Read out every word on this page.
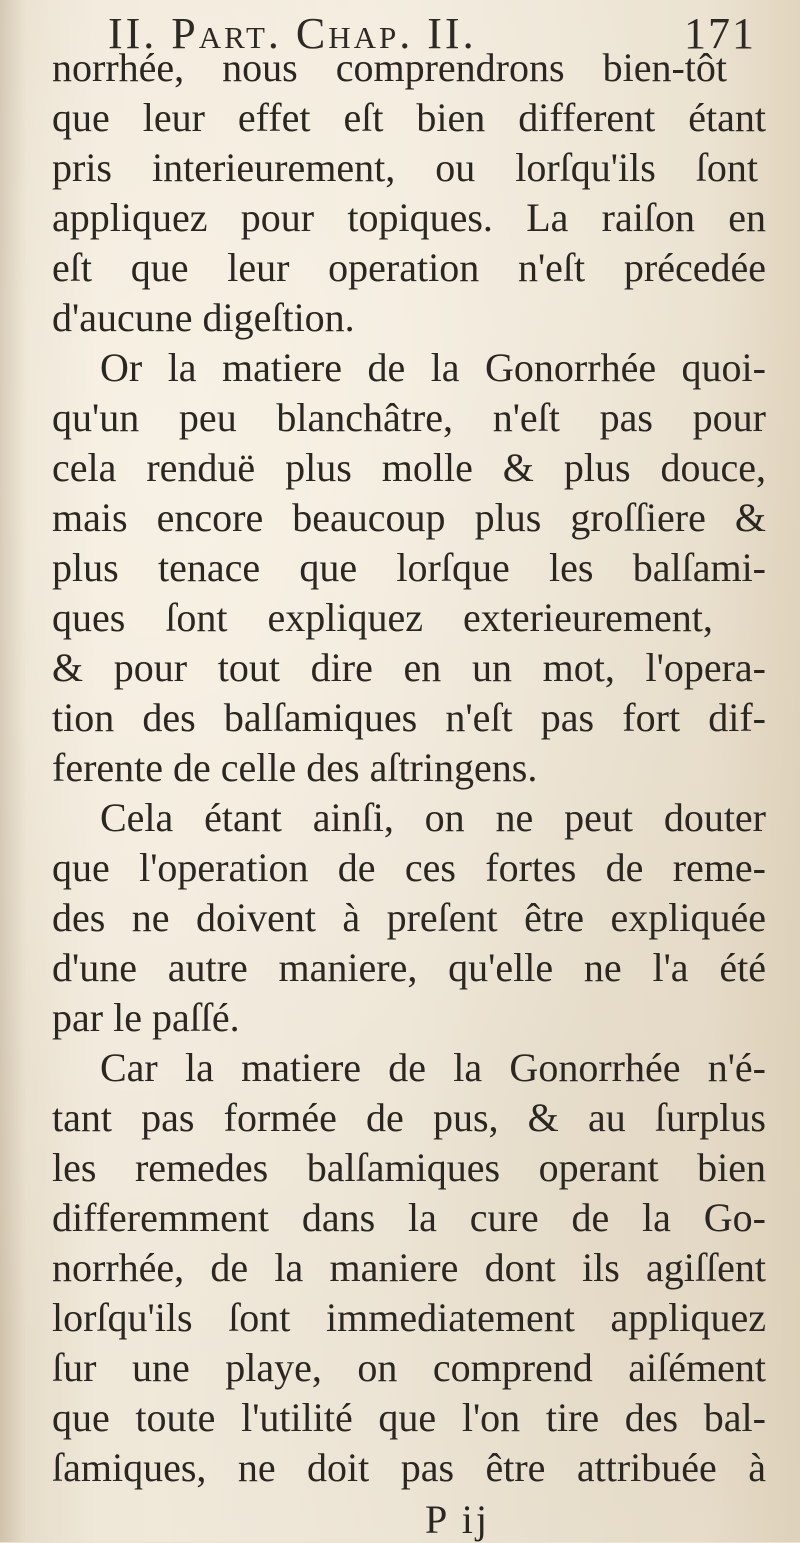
II. Part. Chap. II.	171
norrhée, nous comprendrons bien-tôt
que leur effet eſt bien different étant
pris interieurement, ou lorſqu'ils ſont
appliquez pour topiques. La raiſon en
eſt que leur operation n'eſt précedée
d'aucune digeſtion.
Or la matiere de la Gonorrhée quoi-
qu'un peu blanchâtre, n'eſt pas pour
cela renduë plus molle & plus douce,
mais encore beaucoup plus groſſiere &
plus tenace que lorſque les balſami-
ques ſont expliquez exterieurement,
& pour tout dire en un mot, l'opera-
tion des balſamiques n'eſt pas fort dif-
ferente de celle des aſtringens.
Cela étant ainſi, on ne peut douter
que l'operation de ces fortes de reme-
des ne doivent à preſent être expliquée
d'une autre maniere, qu'elle ne l'a été
par le paſſé.
Car la matiere de la Gonorrhée n'é-
tant pas formée de pus, & au ſurplus
les remedes balſamiques operant bien
differemment dans la cure de la Go-
norrhée, de la maniere dont ils agiſſent
lorſqu'ils ſont immediatement appliquez
ſur une playe, on comprend aiſément
que toute l'utilité que l'on tire des bal-
ſamiques, ne doit pas être attribuée à
P ij
